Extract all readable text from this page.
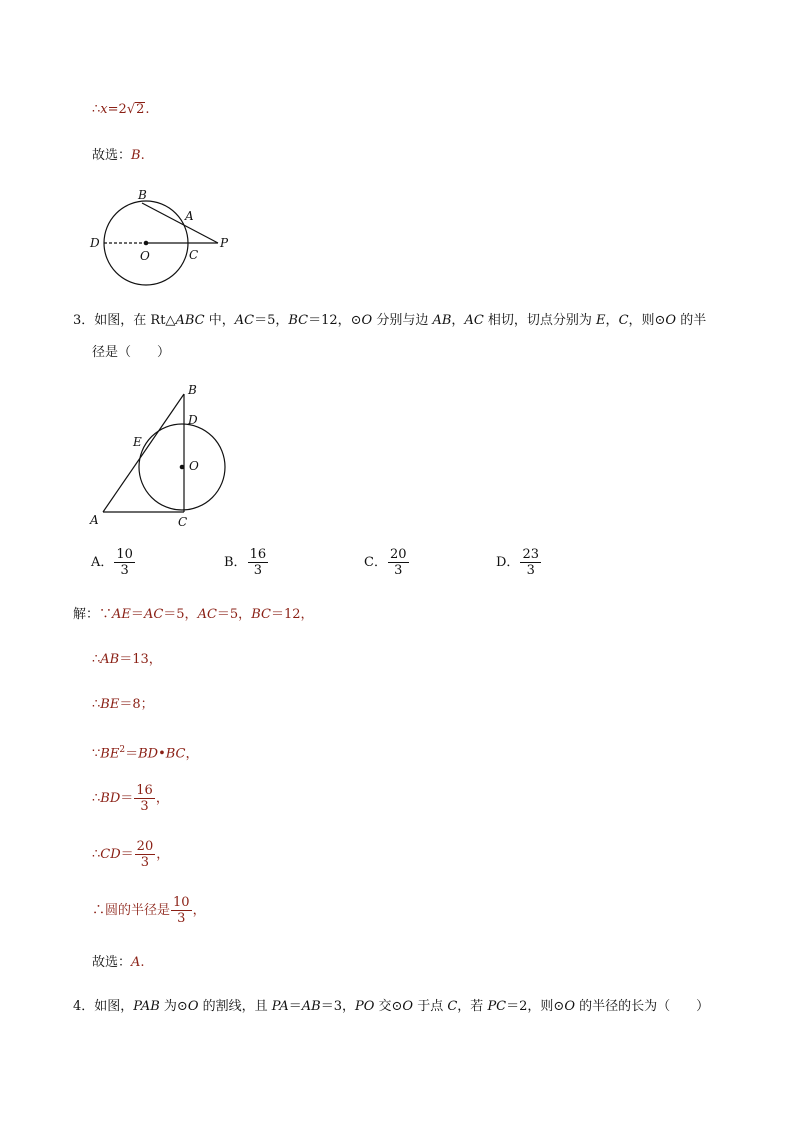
∴x=2√2.
故选：B.
B
A
D	P
O	C
3．如图，在 Rt△ABC 中，AC＝5，BC＝12，⊙O 分别与边 AB，AC 相切，切点分别为 E，C，则⊙O 的半
径是（　　）
B
D
E
O
A	C
A． $\frac{10}{3}$	B． $\frac{16}{3}$	C． $\frac{20}{3}$	D． $\frac{23}{3}$
解：∵AE＝AC＝5，AC＝5，BC＝12，
∴AB＝13，
∴BE＝8；
$\because BE^2=BD•BC$，
∴BD＝ $\frac{16}{3}$ ，
∴CD＝ $\frac{20}{3}$ ，
∴圆的半径是 $\frac{10}{3}$ ，
故选：A.
4．如图，PAB 为⊙O 的割线，且 PA＝AB＝3，PO 交⊙O 于点 C，若 PC＝2，则⊙O 的半径的长为（　　）
